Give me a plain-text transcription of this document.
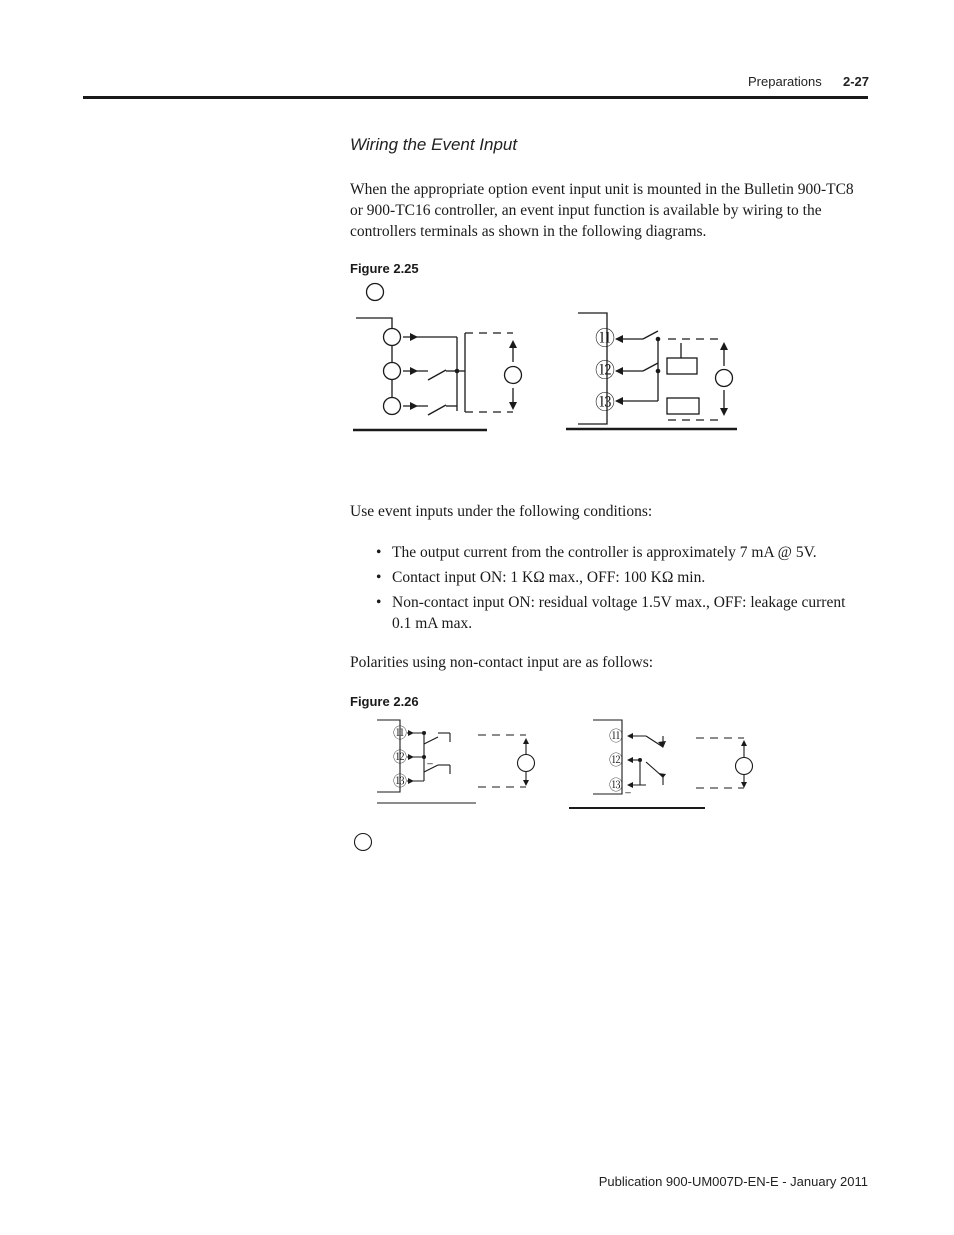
Preparations 2-27
Wiring the Event Input

When the appropriate option event input unit is mounted in the Bulletin 900-TC8 or 900-TC16 controller, an event input function is available by wiring to the controllers terminals as shown in the following diagrams.

Figure 2.25
⑪
⑫
⑬

Use event inputs under the following conditions:

• The output current from the controller is approximately 7 mA @ 5V.
• Contact input ON: 1 KΩ max., OFF: 100 KΩ min.
• Non-contact input ON: residual voltage 1.5V max., OFF: leakage current 0.1 mA max.

Polarities using non-contact input are as follows:

Figure 2.26
⑪
⑫
⑬
⑪
⑫
⑬
–
–
Publication 900-UM007D-EN-E - January 2011
